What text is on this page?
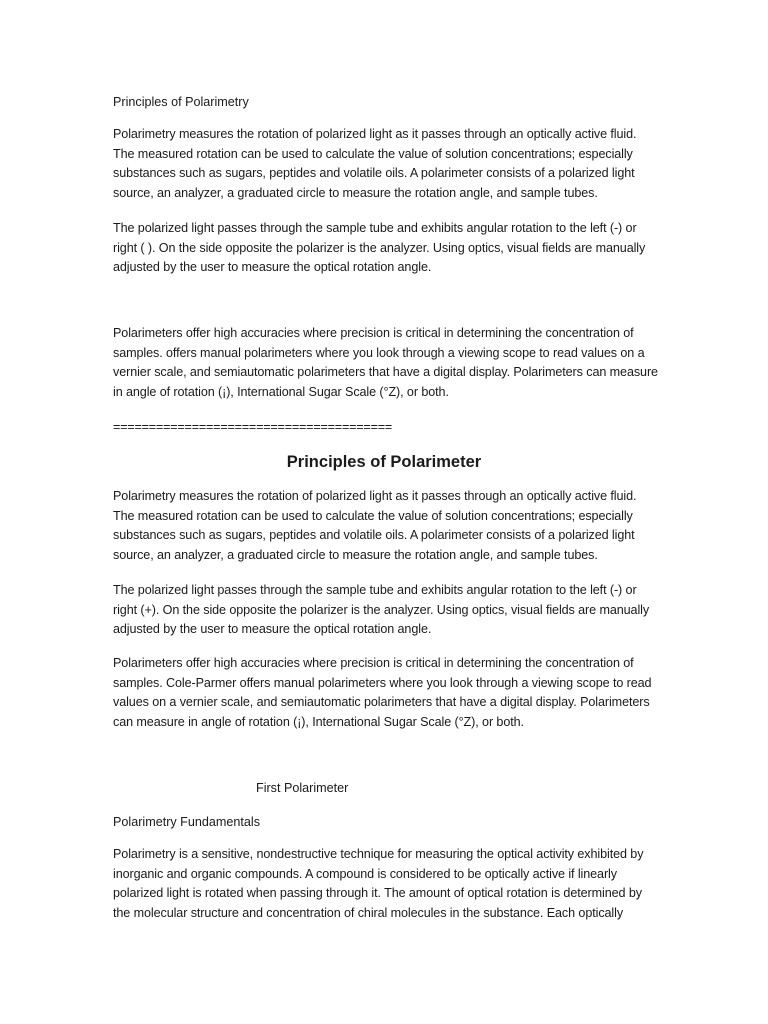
Principles of Polarimetry

Polarimetry measures the rotation of polarized light as it passes through an optically active fluid. The measured rotation can be used to calculate the value of solution concentrations; especially substances such as sugars, peptides and volatile oils. A polarimeter consists of a polarized light source, an analyzer, a graduated circle to measure the rotation angle, and sample tubes.

The polarized light passes through the sample tube and exhibits angular rotation to the left (-) or right ( ). On the side opposite the polarizer is the analyzer. Using optics, visual fields are manually adjusted by the user to measure the optical rotation angle.

Polarimeters offer high accuracies where precision is critical in determining the concentration of samples. offers manual polarimeters where you look through a viewing scope to read values on a vernier scale, and semiautomatic polarimeters that have a digital display. Polarimeters can measure in angle of rotation (¡), International Sugar Scale (°Z), or both.

=======================================

Principles of Polarimeter

Polarimetry measures the rotation of polarized light as it passes through an optically active fluid. The measured rotation can be used to calculate the value of solution concentrations; especially substances such as sugars, peptides and volatile oils. A polarimeter consists of a polarized light source, an analyzer, a graduated circle to measure the rotation angle, and sample tubes.

The polarized light passes through the sample tube and exhibits angular rotation to the left (-) or right (+). On the side opposite the polarizer is the analyzer. Using optics, visual fields are manually adjusted by the user to measure the optical rotation angle.

Polarimeters offer high accuracies where precision is critical in determining the concentration of samples. Cole-Parmer offers manual polarimeters where you look through a viewing scope to read values on a vernier scale, and semiautomatic polarimeters that have a digital display. Polarimeters can measure in angle of rotation (¡), International Sugar Scale (°Z), or both.

First Polarimeter

Polarimetry Fundamentals

Polarimetry is a sensitive, nondestructive technique for measuring the optical activity exhibited by inorganic and organic compounds. A compound is considered to be optically active if linearly polarized light is rotated when passing through it. The amount of optical rotation is determined by the molecular structure and concentration of chiral molecules in the substance. Each optically
